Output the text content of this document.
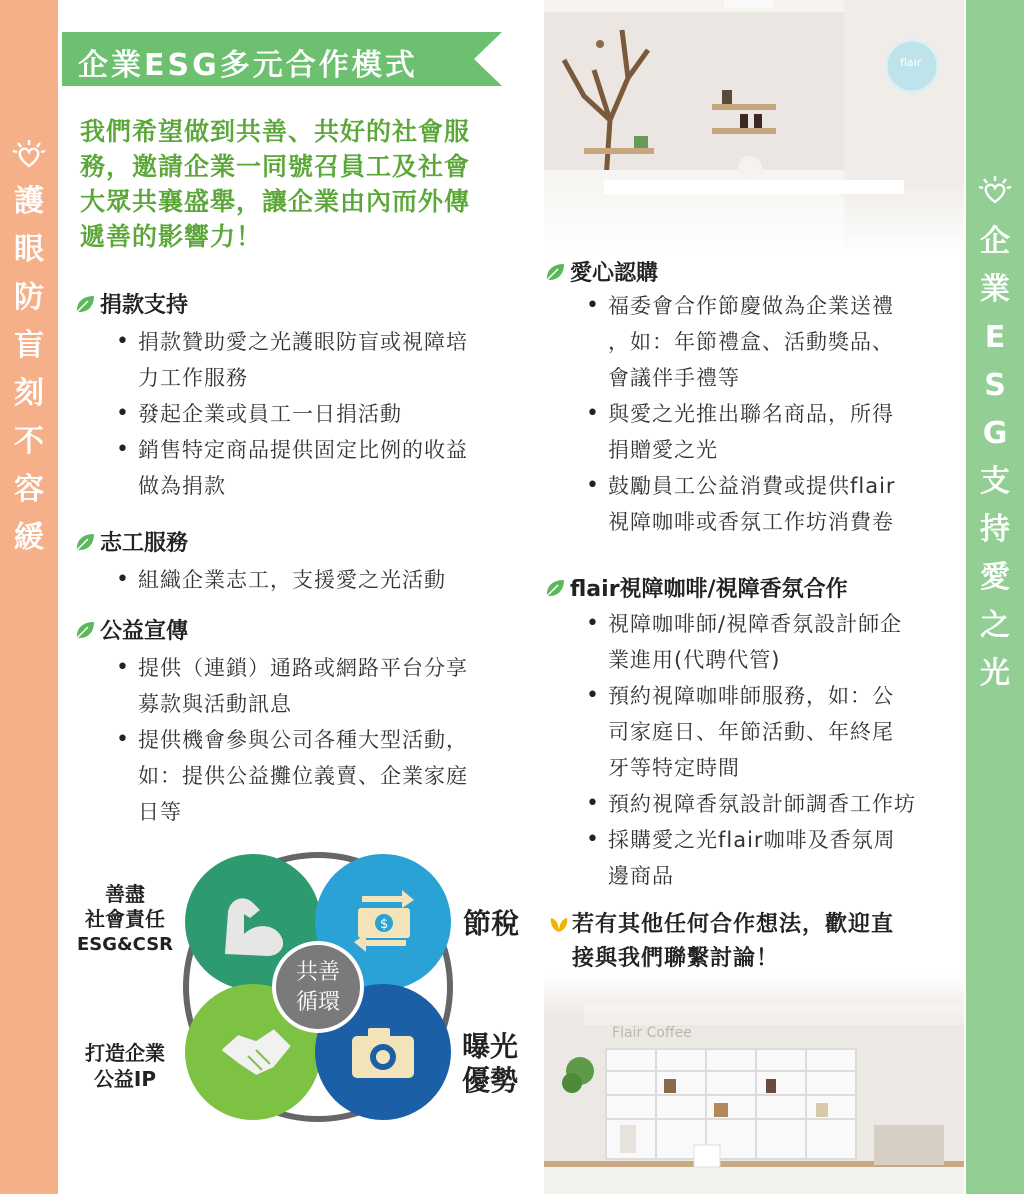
護
眼
防
盲
刻
不
容
緩
企
業
E
S
G
支
持
愛
之
光
企業ESG多元合作模式
我們希望做到共善、共好的社會服
務，邀請企業一同號召員工及社會
大眾共襄盛舉，讓企業由內而外傳
遞善的影響力！
捐款支持
• 捐款贊助愛之光護眼防盲或視障培
力工作服務
• 發起企業或員工一日捐活動
• 銷售特定商品提供固定比例的收益
做為捐款
志工服務
• 組織企業志工，支援愛之光活動
公益宣傳
• 提供（連鎖）通路或網路平台分享
募款與活動訊息
• 提供機會參與公司各種大型活動，
如：提供公益攤位義賣、企業家庭
日等
$
共善
循環
善盡
社會責任
ESG&CSR
節稅
打造企業
公益IP
曝光
優勢
愛心認購
• 福委會合作節慶做為企業送禮
，如：年節禮盒、活動獎品、
會議伴手禮等
• 與愛之光推出聯名商品，所得
捐贈愛之光
• 鼓勵員工公益消費或提供flair
視障咖啡或香氛工作坊消費卷
flair視障咖啡/視障香氛合作
• 視障咖啡師/視障香氛設計師企
業進用(代聘代管)
• 預約視障咖啡師服務，如：公
司家庭日、年節活動、年終尾
牙等特定時間
• 預約視障香氛設計師調香工作坊
• 採購愛之光flair咖啡及香氛周
邊商品
若有其他任何合作想法，歡迎直
接與我們聯繫討論！
